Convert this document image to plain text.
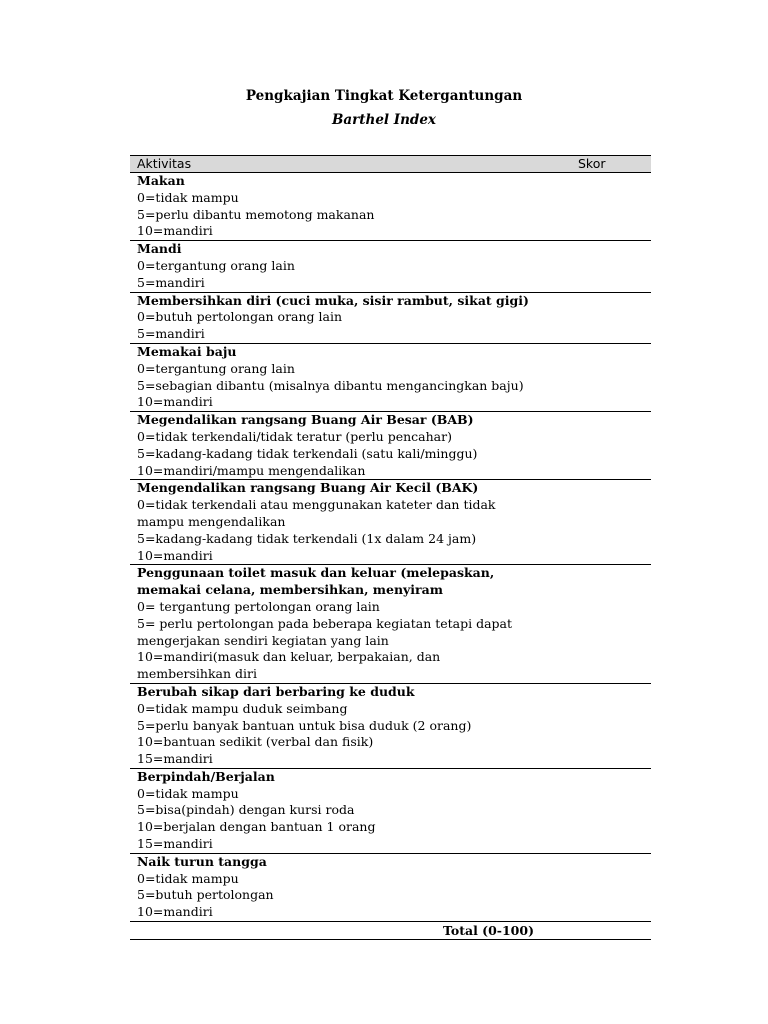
Pengkajian Tingkat Ketergantungan
Barthel Index
Aktivitas	Skor
Makan
0=tidak mampu
5=perlu dibantu memotong makanan
10=mandiri
Mandi
0=tergantung orang lain
5=mandiri
Membersihkan diri (cuci muka, sisir rambut, sikat gigi)
0=butuh pertolongan orang lain
5=mandiri
Memakai baju
0=tergantung orang lain
5=sebagian dibantu (misalnya dibantu mengancingkan baju)
10=mandiri
Megendalikan rangsang Buang Air Besar (BAB)
0=tidak terkendali/tidak teratur (perlu pencahar)
5=kadang-kadang tidak terkendali (satu kali/minggu)
10=mandiri/mampu mengendalikan
Mengendalikan rangsang Buang Air Kecil (BAK)
0=tidak terkendali atau menggunakan kateter dan tidak mampu mengendalikan
5=kadang-kadang tidak terkendali (1x dalam 24 jam)
10=mandiri
Penggunaan toilet masuk dan keluar (melepaskan, memakai celana, membersihkan, menyiram
0= tergantung pertolongan orang lain
5= perlu pertolongan pada beberapa kegiatan tetapi dapat mengerjakan sendiri kegiatan yang lain
10=mandiri(masuk dan keluar, berpakaian, dan membersihkan diri
Berubah sikap dari berbaring ke duduk
0=tidak mampu duduk seimbang
5=perlu banyak bantuan untuk bisa duduk (2 orang)
10=bantuan sedikit (verbal dan fisik)
15=mandiri
Berpindah/Berjalan
0=tidak mampu
5=bisa(pindah) dengan kursi roda
10=berjalan dengan bantuan 1 orang
15=mandiri
Naik turun tangga
0=tidak mampu
5=butuh pertolongan
10=mandiri
Total (0-100)
